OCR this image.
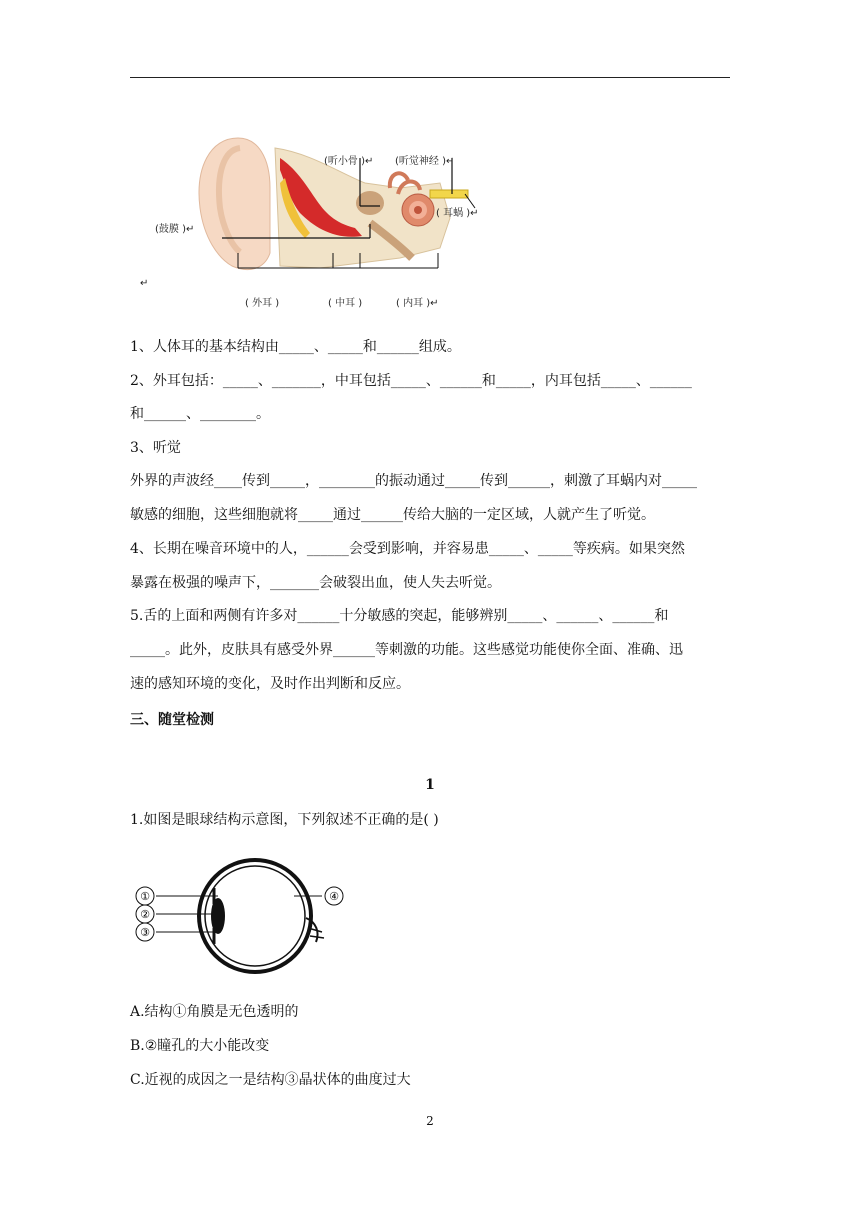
(听小骨 )↵ (听觉神经 )↵
( 耳蜗 )↵
(鼓膜 )↵
↵
( 外耳 )	( 中耳 )	( 内耳 )↵
1、人体耳的基本结构由_____、_____和______组成。
2、外耳包括：_____、_______，中耳包括_____、______和_____，内耳包括_____、______
和______、________。
3、听觉
外界的声波经____传到_____，________的振动通过_____传到______，刺激了耳蜗内对_____
敏感的细胞，这些细胞就将_____通过______传给大脑的一定区域，人就产生了听觉。
4、长期在噪音环境中的人，______会受到影响，并容易患_____、_____等疾病。如果突然
暴露在极强的噪声下，_______会破裂出血，使人失去听觉。
5.舌的上面和两侧有许多对______十分敏感的突起，能够辨别_____、______、______和
_____。此外，皮肤具有感受外界______等刺激的功能。这些感觉功能使你全面、准确、迅
速的感知环境的变化，及时作出判断和反应。
三、随堂检测
1
1.如图是眼球结构示意图，下列叙述不正确的是( )
①
②
③
④
A.结构①角膜是无色透明的
B.②瞳孔的大小能改变
C.近视的成因之一是结构③晶状体的曲度过大
2
